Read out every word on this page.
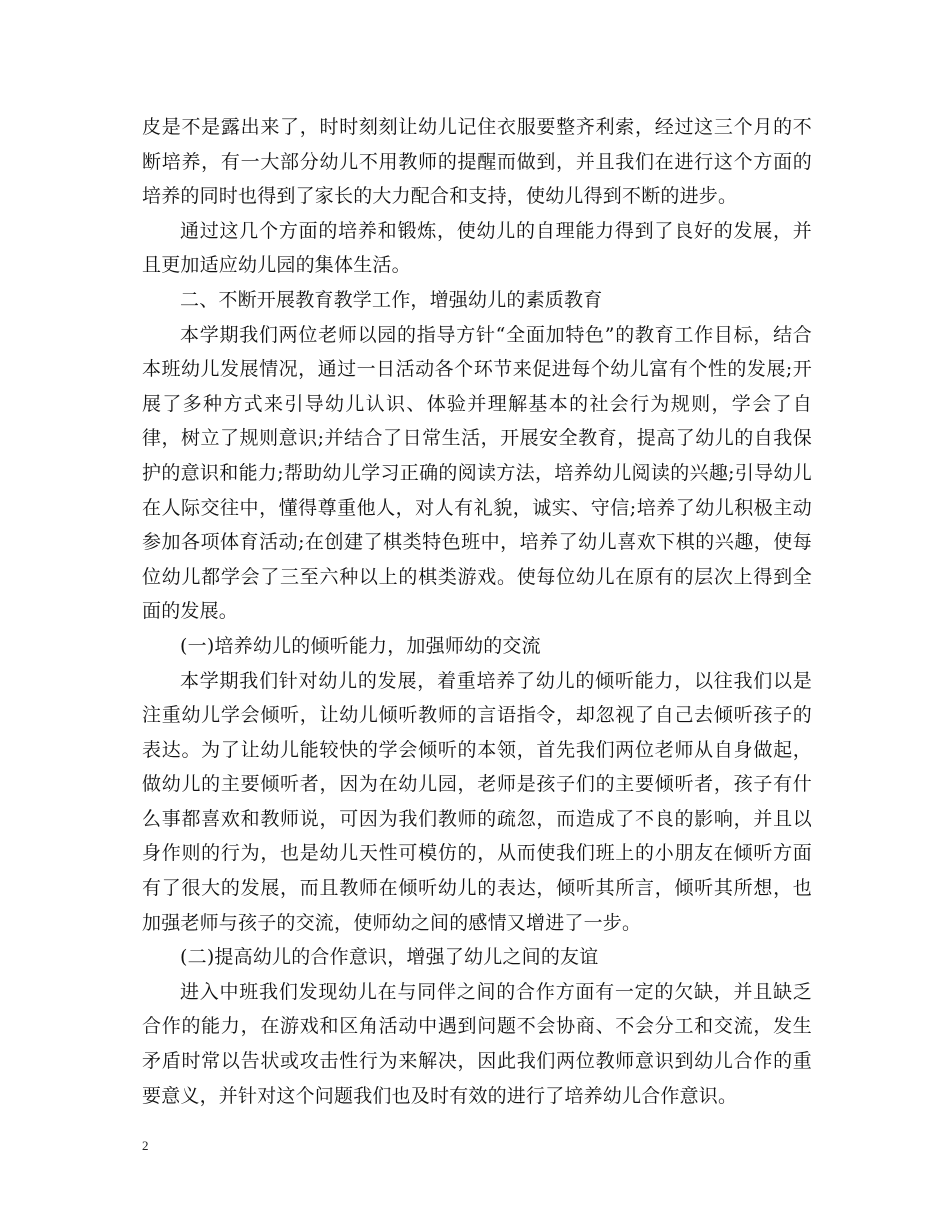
皮是不是露出来了，时时刻刻让幼儿记住衣服要整齐利索，经过这三个月的不断培养，有一大部分幼儿不用教师的提醒而做到，并且我们在进行这个方面的培养的同时也得到了家长的大力配合和支持，使幼儿得到不断的进步。

通过这几个方面的培养和锻炼，使幼儿的自理能力得到了良好的发展，并且更加适应幼儿园的集体生活。

二、不断开展教育教学工作，增强幼儿的素质教育

本学期我们两位老师以园的指导方针“全面加特色”的教育工作目标，结合本班幼儿发展情况，通过一日活动各个环节来促进每个幼儿富有个性的发展;开展了多种方式来引导幼儿认识、体验并理解基本的社会行为规则，学会了自律，树立了规则意识;并结合了日常生活，开展安全教育，提高了幼儿的自我保护的意识和能力;帮助幼儿学习正确的阅读方法，培养幼儿阅读的兴趣;引导幼儿在人际交往中，懂得尊重他人，对人有礼貌，诚实、守信;培养了幼儿积极主动参加各项体育活动;在创建了棋类特色班中，培养了幼儿喜欢下棋的兴趣，使每位幼儿都学会了三至六种以上的棋类游戏。使每位幼儿在原有的层次上得到全面的发展。

(一)培养幼儿的倾听能力，加强师幼的交流

本学期我们针对幼儿的发展，着重培养了幼儿的倾听能力，以往我们以是注重幼儿学会倾听，让幼儿倾听教师的言语指令，却忽视了自己去倾听孩子的表达。为了让幼儿能较快的学会倾听的本领，首先我们两位老师从自身做起，做幼儿的主要倾听者，因为在幼儿园，老师是孩子们的主要倾听者，孩子有什么事都喜欢和教师说，可因为我们教师的疏忽，而造成了不良的影响，并且以身作则的行为，也是幼儿天性可模仿的，从而使我们班上的小朋友在倾听方面有了很大的发展，而且教师在倾听幼儿的表达，倾听其所言，倾听其所想，也加强老师与孩子的交流，使师幼之间的感情又增进了一步。

(二)提高幼儿的合作意识，增强了幼儿之间的友谊

进入中班我们发现幼儿在与同伴之间的合作方面有一定的欠缺，并且缺乏合作的能力，在游戏和区角活动中遇到问题不会协商、不会分工和交流，发生矛盾时常以告状或攻击性行为来解决，因此我们两位教师意识到幼儿合作的重要意义，并针对这个问题我们也及时有效的进行了培养幼儿合作意识。

2
